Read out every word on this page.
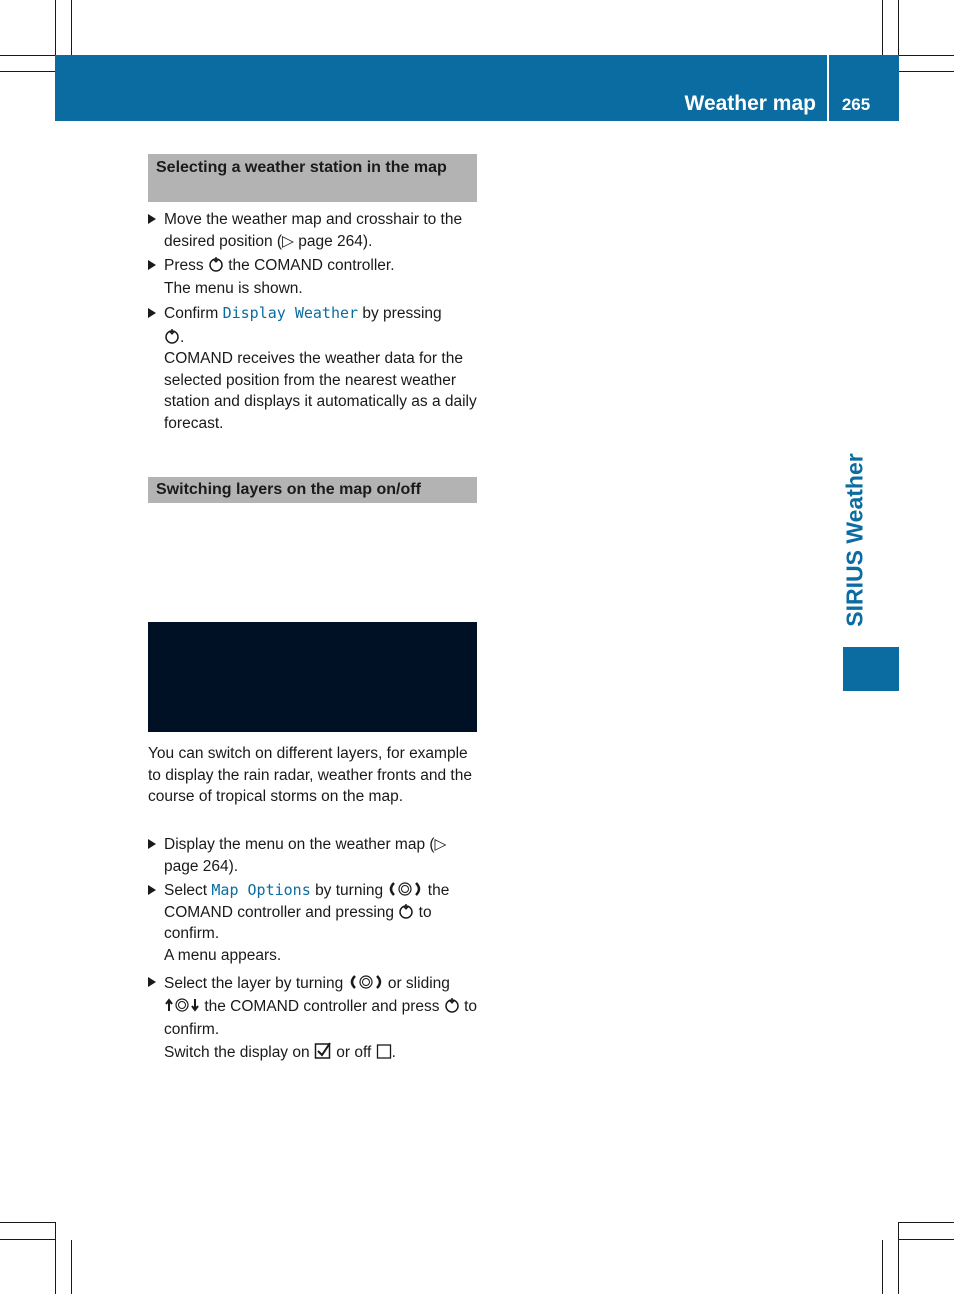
Weather map	265
SIRIUS Weather
Selecting a weather station in the map
Move the weather map and crosshair to the desired position (▷ page 264).
Press the COMAND controller.
The menu is shown.
Confirm Display Weather by pressing
.
COMAND receives the weather data for the selected position from the nearest weather station and displays it automatically as a daily forecast.
Switching layers on the map on/off
You can switch on different layers, for example to display the rain radar, weather fronts and the course of tropical storms on the map.
Display the menu on the weather map (▷ page 264).
Select Map Options by turning	the COMAND controller and pressing to confirm.
A menu appears.
Select the layer by turning	or sliding  the COMAND controller and press to confirm.
Switch the display on or off .
